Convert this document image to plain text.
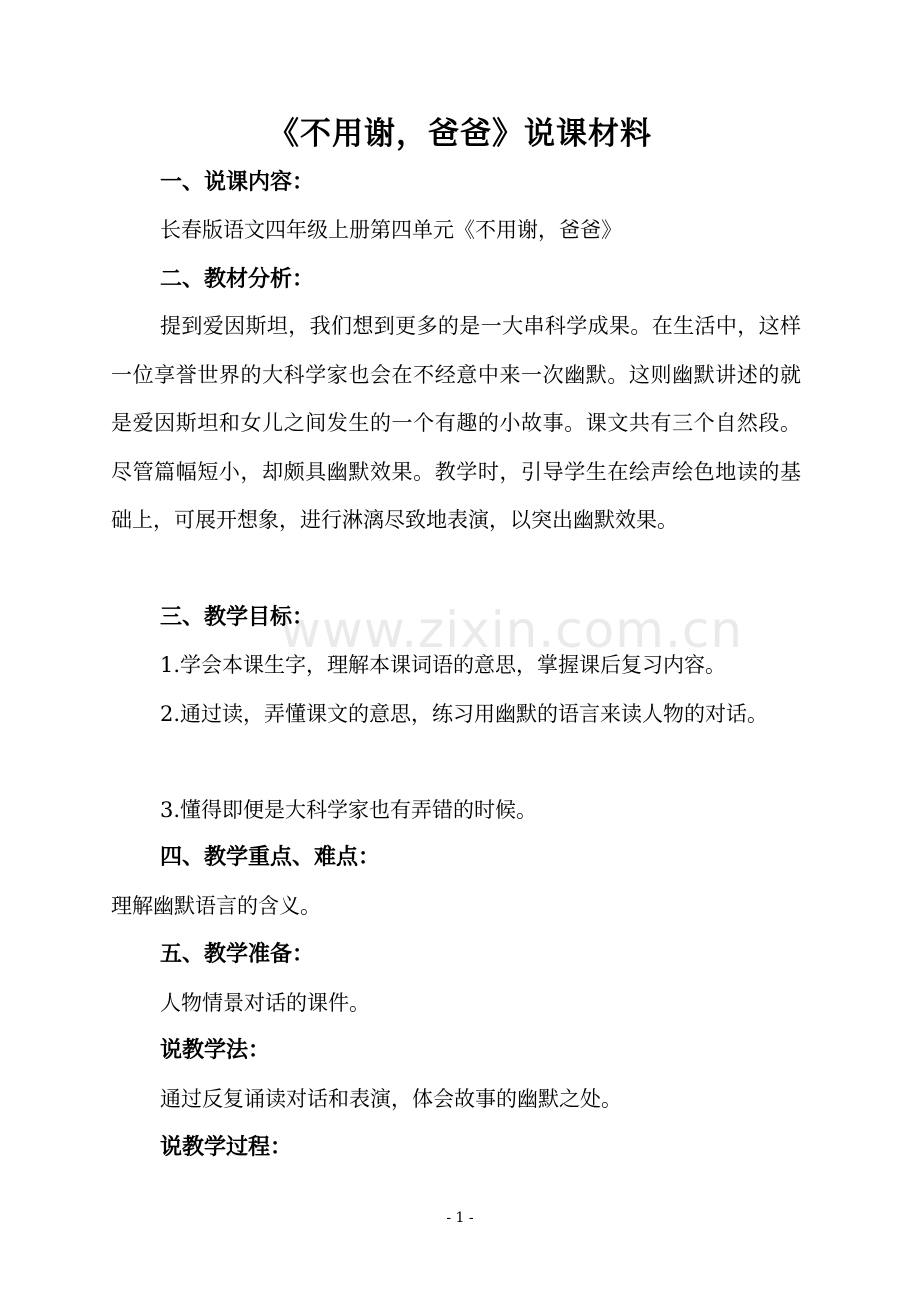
www.zixin.com.cn
《不用谢，爸爸》说课材料
一、说课内容：
长春版语文四年级上册第四单元《不用谢，爸爸》
二、教材分析：
提到爱因斯坦，我们想到更多的是一大串科学成果。在生活中，这样一位享誉世界的大科学家也会在不经意中来一次幽默。这则幽默讲述的就是爱因斯坦和女儿之间发生的一个有趣的小故事。课文共有三个自然段。尽管篇幅短小，却颇具幽默效果。教学时，引导学生在绘声绘色地读的基础上，可展开想象，进行淋漓尽致地表演，以突出幽默效果。
三、教学目标：
1.学会本课生字，理解本课词语的意思，掌握课后复习内容。
2.通过读，弄懂课文的意思，练习用幽默的语言来读人物的对话。
3.懂得即便是大科学家也有弄错的时候。
四、教学重点、难点：
理解幽默语言的含义。
五、教学准备：
人物情景对话的课件。
说教学法：
通过反复诵读对话和表演，体会故事的幽默之处。
说教学过程：
- 1 -
